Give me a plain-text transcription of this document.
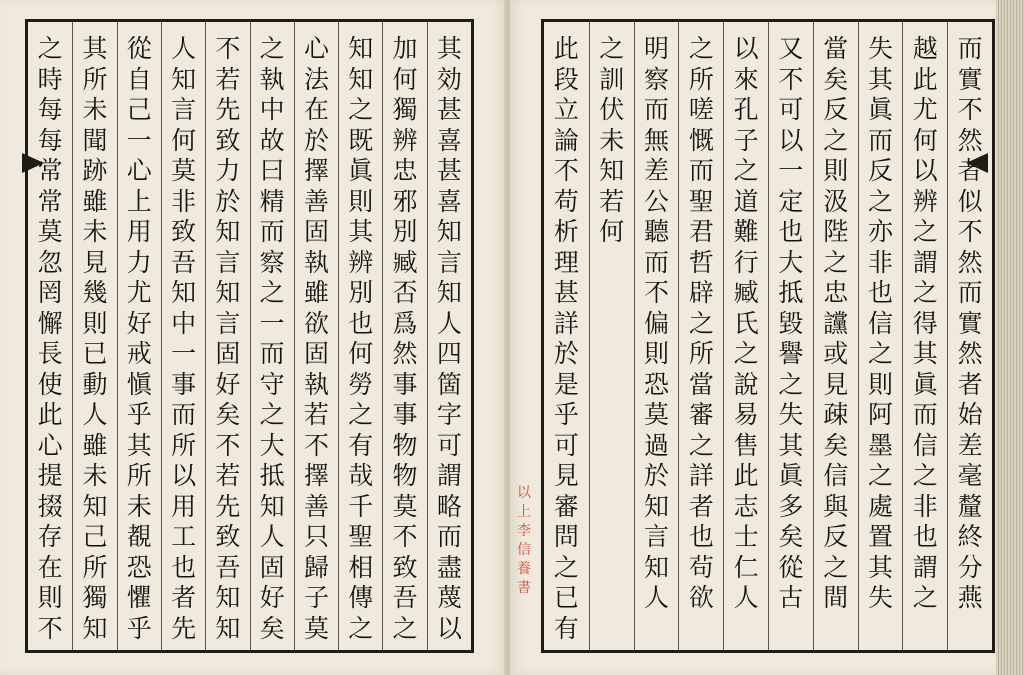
其
効
甚
喜
甚
喜
知
言
知
人
四
箇
字
可
謂
略
而
盡
蔑
以
加
何
獨
辨
忠
邪
別
臧
否
爲
然
事
事
物
物
莫
不
致
吾
之
知
知
之
既
眞
則
其
辨
別
也
何
勞
之
有
哉
千
聖
相
傳
之
心
法
在
於
擇
善
固
執
雖
欲
固
執
若
不
擇
善
只
歸
子
莫
之
執
中
故
曰
精
而
察
之
一
而
守
之
大
抵
知
人
固
好
矣
不
若
先
致
力
於
知
言
知
言
固
好
矣
不
若
先
致
吾
知
知
人
知
言
何
莫
非
致
吾
知
中
一
事
而
所
以
用
工
也
者
先
從
自
己
一
心
上
用
力
尤
好
戒
愼
乎
其
所
未
覩
恐
懼
乎
其
所
未
聞
跡
雖
未
見
幾
則
已
動
人
雖
未
知
己
所
獨
知
之
時
每
每
常
常
莫
忽
罔
懈
長
使
此
心
提
掇
存
在
則
不
而
實
不
然
者
似
不
然
而
實
然
者
始
差
毫
釐
終
分
燕
越
此
尤
何
以
辨
之
謂
之
得
其
眞
而
信
之
非
也
謂
之
失
其
眞
而
反
之
亦
非
也
信
之
則
阿
墨
之
處
置
其
失
當
矣
反
之
則
汲
陛
之
忠
讜
或
見
疎
矣
信
與
反
之
間
又
不
可
以
一
定
也
大
抵
毀
譽
之
失
其
眞
多
矣
從
古
以
來
孔
子
之
道
難
行
臧
氏
之
說
易
售
此
志
士
仁
人
之
所
嗟
慨
而
聖
君
哲
辟
之
所
當
審
之
詳
者
也
茍
欲
明
察
而
無
差
公
聽
而
不
偏
則
恐
莫
過
於
知
言
知
人
之
訓
伏
未
知
若
何
此
段
立
論
不
苟
析
理
甚
詳
於
是
乎
可
見
審
問
之
已
有
以
上
李
信
養
書
